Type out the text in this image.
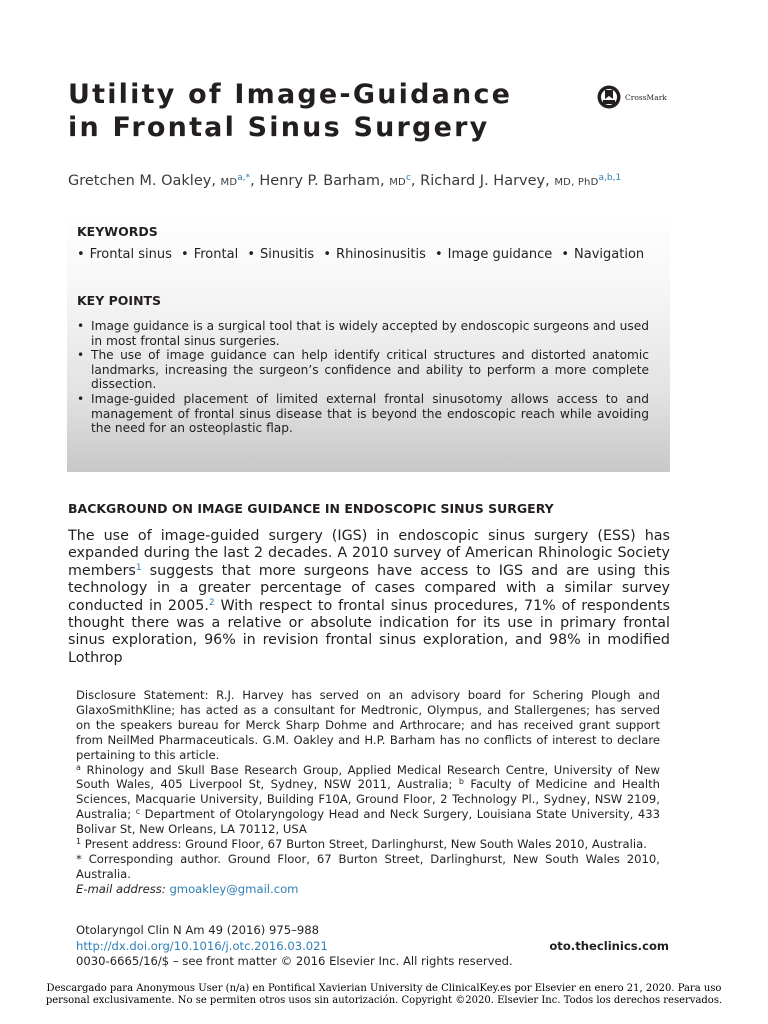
Utility of Image-Guidance
in Frontal Sinus Surgery
CrossMark
Gretchen M. Oakley, $MD^{a,*}$, Henry P. Barham, $MD^c$, Richard J. Harvey, MD, PhD$^{a,b,1}$
KEYWORDS
• Frontal sinus • Frontal • Sinusitis • Rhinosinusitis • Image guidance • Navigation
KEY POINTS
• Image guidance is a surgical tool that is widely accepted by endoscopic surgeons and used in most frontal sinus surgeries.
• The use of image guidance can help identify critical structures and distorted anatomic landmarks, increasing the surgeon’s confidence and ability to perform a more complete dissection.
• Image-guided placement of limited external frontal sinusotomy allows access to and management of frontal sinus disease that is beyond the endoscopic reach while avoiding the need for an osteoplastic flap.
BACKGROUND ON IMAGE GUIDANCE IN ENDOSCOPIC SINUS SURGERY

The use of image-guided surgery (IGS) in endoscopic sinus surgery (ESS) has expanded during the last 2 decades. A 2010 survey of American Rhinologic Society members$^1$ suggests that more surgeons have access to IGS and are using this technology in a greater percentage of cases compared with a similar survey conducted in 2005.$^2$ With respect to frontal sinus procedures, 71% of respondents thought there was a relative or absolute indication for its use in primary frontal sinus exploration, 96% in revision frontal sinus exploration, and 98% in modified Lothrop

Disclosure Statement: R.J. Harvey has served on an advisory board for Schering Plough and GlaxoSmithKline; has acted as a consultant for Medtronic, Olympus, and Stallergenes; has served on the speakers bureau for Merck Sharp Dohme and Arthrocare; and has received grant support from NeilMed Pharmaceuticals. G.M. Oakley and H.P. Barham has no conflicts of interest to declare pertaining to this article.

$^a$ Rhinology and Skull Base Research Group, Applied Medical Research Centre, University of New South Wales, 405 Liverpool St, Sydney, NSW 2011, Australia; $^b$ Faculty of Medicine and Health Sciences, Macquarie University, Building F10A, Ground Floor, 2 Technology Pl., Sydney, NSW 2109, Australia; $^c$ Department of Otolaryngology Head and Neck Surgery, Louisiana State University, 433 Bolivar St, New Orleans, LA 70112, USA

$^1$ Present address: Ground Floor, 67 Burton Street, Darlinghurst, New South Wales 2010, Australia.

* Corresponding author. Ground Floor, 67 Burton Street, Darlinghurst, New South Wales 2010, Australia.

E-mail address: gmoakley@gmail.com

Otolaryngol Clin N Am 49 (2016) 975–988

http://dx.doi.org/10.1016/j.otc.2016.03.021

0030-6665/16/$ – see front matter © 2016 Elsevier Inc. All rights reserved.

oto.theclinics.com
Descargado para Anonymous User (n/a) en Pontifical Xavierian University de ClinicalKey.es por Elsevier en enero 21, 2020. Para uso personal exclusivamente. No se permiten otros usos sin autorización. Copyright ©2020. Elsevier Inc. Todos los derechos reservados.
